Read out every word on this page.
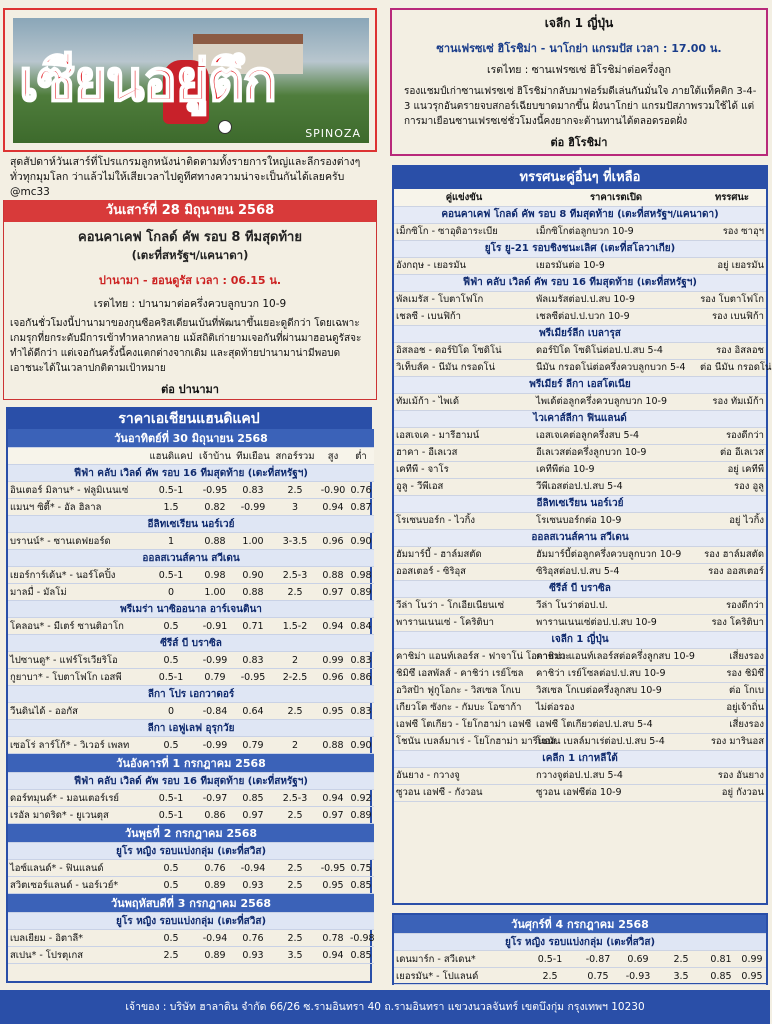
เซียนอยู่ตึก
SPINOZA
สุดสัปดาห์วันเสาร์ที่โปรแกรมลูกหนังน่าติดตามทั้งรายการใหญ่และลีกรองต่างๆ ทั่วทุกมุมโลก ว่าแล้วไม่ให้เสียเวลาไปดูทีศทางความน่าจะเป็นกันได้เลยครับ @mc33
วันเสาร์ที่ 28 มิถุนายน 2568
คอนคาเคฟ โกลด์ คัพ รอบ 8 ทีมสุดท้าย
(เตะที่สหรัฐฯ/แคนาดา)
ปานามา - ฮอนดูรัส เวลา : 06.15 น.
เรตไทย : ปานามาต่อครึ่งควบลูกบวก 10-9
เจอกันชั่วโมงนี้ปานามาของกุนซือคริสเตียนเบ้นที่พัฒนาขึ้นเยอะดูดีกว่า โดยเฉพาะเกมรุกที่ยกระดับมีการเข้าทำหลากหลาย แม้สถิติเก่ายามเจอกันที่ผ่านมาฮอนดูรัสจะทำได้ดีกว่า แต่เจอกันครั้งนี้คงแตกต่างจากเดิม และสุดท้ายปานามาน่ามีพอบดเอาชนะได้ในเวลาปกติตามเป้าหมาย
ต่อ ปานามา
เจลีก 1 ญี่ปุ่น
ซานเฟรซเซ่ ฮิโรชิม่า - นาโกย่า แกรมปัส เวลา : 17.00 น.
เรตไทย : ซานเฟรซเซ่ ฮิโรชิม่าต่อครึ่งลูก
รองแชมป์เก่าซานเฟรซเซ่ ฮิโรชิม่ากลับมาฟอร์มดีเล่นกันมั่นใจ ภายใต้แท็คติก 3-4-3 แนวรุกอันตรายจบสกอร์เฉียบขาดมากขึ้น ฝั่งนาโกย่า แกรมปัสภาพรวมใช้ได้ แต่การมาเยือนซานเฟรซเซ่ชั่วโมงนี้คงยากจะต้านทานได้ตลอดรอดฝั่ง
ต่อ ฮิโรชิม่า
ราคาเอเชียนแฮนดิแคป
วันอาทิตย์ที่ 30 มิถุนายน 2568						
	แฮนดิแคป	เจ้าบ้าน	ทีมเยือน	สกอร์รวม	สูง	ต่ำ
ฟีฟ่า คลับ เวิลด์ คัพ รอบ 16 ทีมสุดท้าย (เตะที่สหรัฐฯ)						
อินเตอร์ มิลาน* - ฟลูมิเนนเซ่	0.5-1	-0.95	0.83	2.5	-0.90	0.76
แมนฯ ซิตี้* - อัล ฮิลาล	1.5	0.82	-0.99	3	0.94	0.87
อีลิทเซเรียน นอร์เวย์						
บรานน์* - ซานเดฟยอร์ด	1	0.88	1.00	3-3.5	0.96	0.90
ออลสเวนส์คาน สวีเดน						
เยอร์การ์เด้น* - นอร์โคปิ้ง	0.5-1	0.98	0.90	2.5-3	0.88	0.98
มาลมื่ - มัลโม่	0	1.00	0.88	2.5	0.97	0.89
พรีเมร่า นาซิออนาล อาร์เจนตินา						
โคลอน* - มีเตร์ ซานติอาโก	0.5	-0.91	0.71	1.5-2	0.94	0.84
ซีรีส์ บี บราซิล						
ไปซานดู* - แฟร์โรเวียริโอ	0.5	-0.99	0.83	2	0.99	0.83
กูยาบา* - โบตาโฟโก เอสพี	0.5-1	0.79	-0.95	2-2.5	0.96	0.86
ลีกา โปร เอกวาดอร์						
วีนดินได้ - ออกัส	0	-0.84	0.64	2.5	0.95	0.83
ลีกา เอฟูเลฟ อุรุกวัย						
เซอโร่ ลาร์โก้* - วิเวอร์ เพลท	0.5	-0.99	0.79	2	0.88	0.90
วันอังคารที่ 1 กรกฎาคม 2568						
ฟีฟ่า คลับ เวิลด์ คัพ รอบ 16 ทีมสุดท้าย (เตะที่สหรัฐฯ)						
ดอร์ทมุนด์* - มอนเตอร์เรย์	0.5-1	-0.97	0.85	2.5-3	0.94	0.92
เรอัล มาดริด* - ยูเวนตุส	0.5-1	0.86	0.97	2.5	0.97	0.89
วันพุธที่ 2 กรกฎาคม 2568						
ยูโร หญิง รอบแบ่งกลุ่ม (เตะที่สวิส)						
ไอซ์แลนด์* - ฟินแลนด์	0.5	0.76	-0.94	2.5	-0.95	0.75
สวิตเซอร์แลนด์ - นอร์เวย์*	0.5	0.89	0.93	2.5	0.95	0.85
วันพฤหัสบดีที่ 3 กรกฎาคม 2568						
ยูโร หญิง รอบแบ่งกลุ่ม (เตะที่สวิส)						
เบลเยียม - อิตาลี*	0.5	-0.94	0.76	2.5	0.78	-0.98
สเปน* - โปรตุเกส	2.5	0.89	0.93	3.5	0.94	0.85
ทรรศนะคู่อื่นๆ ที่เหลือ
คู่แข่งขัน	ราคาเรตเปิด	ทรรศนะ
คอนคาเคฟ โกลด์ คัพ รอบ 8 ทีมสุดท้าย (เตะที่สหรัฐฯ/แคนาดา)		
เม็กซิโก - ซาอุดิอาระเบีย	เม็กซิโกต่อลูกบวก 10-9	รอง ซาอุฯ
ยูโร ยู-21 รอบชิงชนะเลิศ (เตะที่สโลวาเกีย)		
อังกฤษ - เยอรมัน	เยอรมันต่อ 10-9	อยู่ เยอรมัน
ฟีฟ่า คลับ เวิลด์ คัพ รอบ 16 ทีมสุดท้าย (เตะที่สหรัฐฯ)		
พัลเมรัส - โบตาโฟโก	พัลเมรัสต่อป.ป.สบ 10-9	รอง โบตาโฟโก
เชลซี - เบนฟิก้า	เชลซีต่อป.ป.บวก 10-9	รอง เบนฟิก้า
พรีเมียร์ลีก เบลารุส		
อิสลอช - ดอร์ปิโด โซดิโน่	ดอร์ปิโด โซดิโน่ต่อป.ป.สบ 5-4	รอง อิสลอช
วิเท็บส์ค - นีมัน กรอดโน่	นีมัน กรอดโน่ต่อครึ่งควบลูกบวก 5-4	ต่อ นีมัน กรอดโน่
พรีเมียร์ ลีกา เอสโตเนีย		
ทัมเม้ก้า - ไพเด้	ไพเด้ต่อลูกครึ่งควบลูกบวก 10-9	รอง ทัมเม้ก้า
ไวเคาส์ลีกา ฟินแลนด์		
เอสเจเค - มารีฮามน์	เอสเจเคต่อลูกครึ่งสบ 5-4	รองดีกว่า
ฮาคา - อีเลเวส	อีเลเวสต่อครึ่งลูกบวก 10-9	ต่อ อีเลเวส
เคทีพี - จาโร	เคทีพีต่อ 10-9	อยู่ เคทีพี
อูลู - วีพีเอส	วีพีเอสต่อป.ป.สบ 5-4	รอง อูลู
อีลิทเซเรียน นอร์เวย์		
โรเซนบอร์ก - ไวกิ้ง	โรเซนบอร์กต่อ 10-9	อยู่ ไวกิ้ง
ออลสเวนส์คาน สวีเดน		
ฮัมมาร์บี้ - ฮาล์มสตัด	ฮัมมาร์บี้ต่อลูกครึ่งควบลูกบวก 10-9	รอง ฮาล์มสตัด
ออสเตอร์ - ซิริอุส	ซิริอุสต่อป.ป.สบ 5-4	รอง ออสเตอร์
ซีรีส์ บี บราซิล		
วีล่า โนว่า - โกเอียเนียนเซ่	วีล่า โนว่าต่อป.ป.	รองดีกว่า
พารานเนนเซ่ - โคริติบา	พารานเนนเซ่ต่อป.ป.สบ 10-9	รอง โคริติบา
เจลีก 1 ญี่ปุ่น		
คาชิม่า แอนท์เลอร์ส - ฟาจาโน่ โอกายามะ	คาชิม่า แอนท์เลอร์สต่อครึ่งลูกสบ 10-9	เสี่ยงรอง
ชิมิซึ เอสพัลส์ - คาชิว่า เรย์โซล	คาชิว่า เรย์โซลต่อป.ป.สบ 10-9	รอง ชิมิซึ
อวิสป้า ฟูกูโอกะ - วิสเซล โกเบ	วิสเซล โกเบต่อครึ่งลูกสบ 10-9	ต่อ โกเบ
เกียวโต ซังกะ - กัมบะ โอซาก้า	ไม่ต่อรอง	อยู่เจ้าถิ่น
เอฟซี โตเกียว - โยโกฮาม่า เอฟซี	เอฟซี โตเกียวต่อป.ป.สบ 5-4	เสี่ยงรอง
โชนัน เบลล์มาเร่ - โยโกฮาม่า มารินอส	โชนัน เบลล์มาเร่ต่อป.ป.สบ 5-4	รอง มารินอส
เคลีก 1 เกาหลีใต้		
อันยาง - กวางจู	กวางจูต่อป.ป.สบ 5-4	รอง อันยาง
ซูวอน เอฟซี - กังวอน	ซูวอน เอฟซีต่อ 10-9	อยู่ กังวอน
วันศุกร์ที่ 4 กรกฎาคม 2568						
ยูโร หญิง รอบแบ่งกลุ่ม (เตะที่สวิส)						
เดนมาร์ก - สวีเดน*	0.5-1	-0.87	0.69	2.5	0.81	0.99
เยอรมัน* - โปแลนด์	2.5	0.75	-0.93	3.5	0.85	0.95
เจ้าของ : บริษัท ฮาลาดิน จำกัด 66/26 ซ.รามอินทรา 40 ถ.รามอินทรา แขวงนวลจันทร์ เขตบึงกุ่ม กรุงเทพฯ 10230
